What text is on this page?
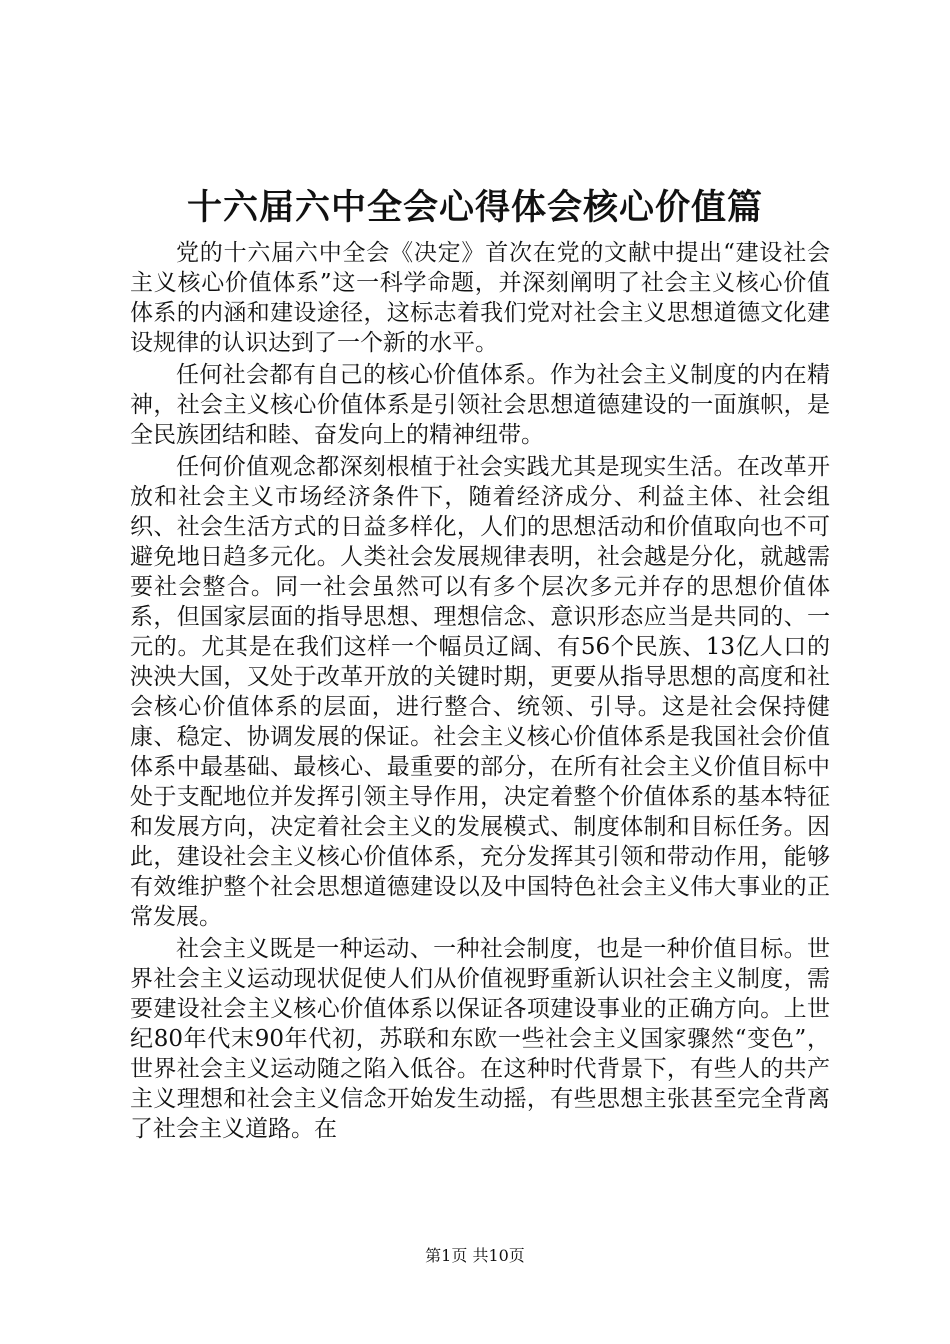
十六届六中全会心得体会核心价值篇

党的十六届六中全会《决定》首次在党的文献中提出“建设社会主义核心价值体系”这一科学命题，并深刻阐明了社会主义核心价值体系的内涵和建设途径，这标志着我们党对社会主义思想道德文化建设规律的认识达到了一个新的水平。

任何社会都有自己的核心价值体系。作为社会主义制度的内在精神，社会主义核心价值体系是引领社会思想道德建设的一面旗帜，是全民族团结和睦、奋发向上的精神纽带。

任何价值观念都深刻根植于社会实践尤其是现实生活。在改革开放和社会主义市场经济条件下，随着经济成分、利益主体、社会组织、社会生活方式的日益多样化，人们的思想活动和价值取向也不可避免地日趋多元化。人类社会发展规律表明，社会越是分化，就越需要社会整合。同一社会虽然可以有多个层次多元并存的思想价值体系，但国家层面的指导思想、理想信念、意识形态应当是共同的、一元的。尤其是在我们这样一个幅员辽阔、有56个民族、13亿人口的泱泱大国，又处于改革开放的关键时期，更要从指导思想的高度和社会核心价值体系的层面，进行整合、统领、引导。这是社会保持健康、稳定、协调发展的保证。社会主义核心价值体系是我国社会价值体系中最基础、最核心、最重要的部分，在所有社会主义价值目标中处于支配地位并发挥引领主导作用，决定着整个价值体系的基本特征和发展方向，决定着社会主义的发展模式、制度体制和目标任务。因此，建设社会主义核心价值体系，充分发挥其引领和带动作用，能够有效维护整个社会思想道德建设以及中国特色社会主义伟大事业的正常发展。

社会主义既是一种运动、一种社会制度，也是一种价值目标。世界社会主义运动现状促使人们从价值视野重新认识社会主义制度，需要建设社会主义核心价值体系以保证各项建设事业的正确方向。上世纪80年代末90年代初，苏联和东欧一些社会主义国家骤然“变色”，世界社会主义运动随之陷入低谷。在这种时代背景下，有些人的共产主义理想和社会主义信念开始发生动摇，有些思想主张甚至完全背离了社会主义道路。在

第1页 共10页
